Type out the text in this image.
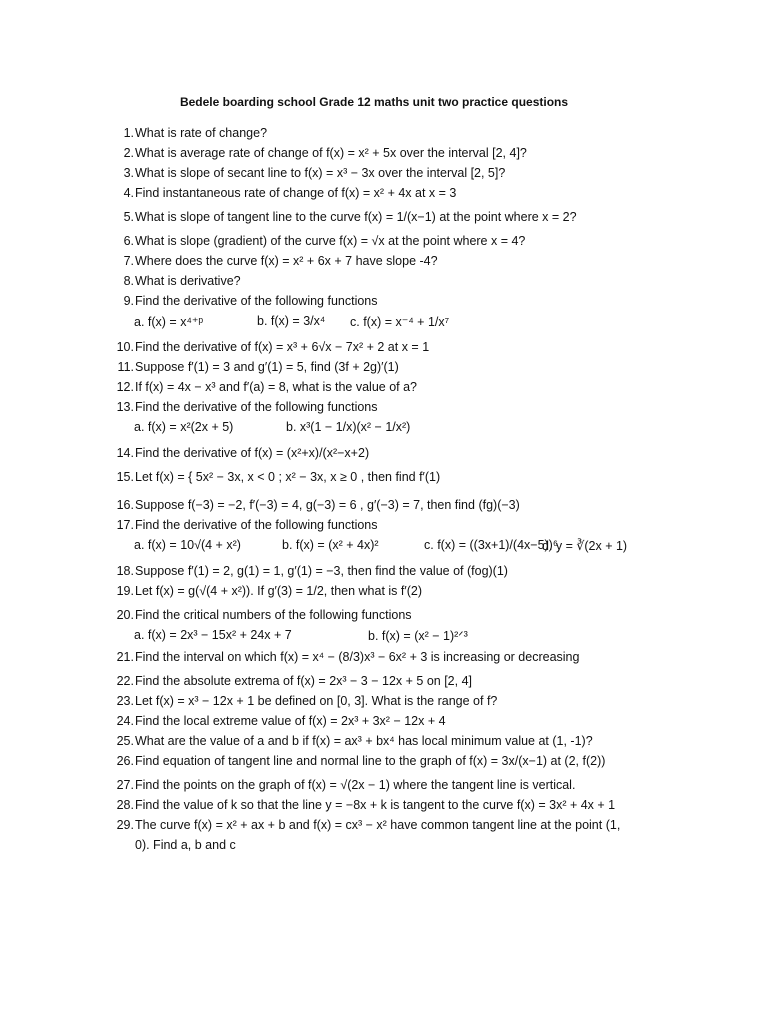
Bedele boarding school Grade 12 maths unit two practice questions
1. What is rate of change?
2. What is average rate of change of f(x) = x² + 5x over the interval [2, 4]?
3. What is slope of secant line to f(x) = x³ − 3x over the interval [2, 5]?
4. Find instantaneous rate of change of f(x) = x² + 4x at x = 3
5. What is slope of tangent line to the curve f(x) = 1/(x−1) at the point where x = 2?
6. What is slope (gradient) of the curve f(x) = √x at the point where x = 4?
7. Where does the curve f(x) = x² + 6x + 7 have slope -4?
8. What is derivative?
9. Find the derivative of the following functions
a. f(x) = x⁴⁺ᵖ	b. f(x) = 3/x⁴ c. f(x) = x⁻⁴ + 1/x⁷
10. Find the derivative of f(x) = x³ + 6√x − 7x² + 2 at x = 1
11. Suppose f′(1) = 3 and g′(1) = 5, find (3f + 2g)′(1)
12. If f(x) = 4x − x³ and f′(a) = 8, what is the value of a?
13. Find the derivative of the following functions
a. f(x) = x²(2x + 5)	b. x³(1 − 1/x)(x² − 1/x²)
14. Find the derivative of f(x) = (x²+x)/(x²−x+2)
15. Let f(x) = { 5x² − 3x, x < 0 ; x² − 3x, x ≥ 0 , then find f′(1)
16. Suppose f(−3) = −2, f′(−3) = 4, g(−3) = 6 , g′(−3) = 7, then find (fg)(−3)
17. Find the derivative of the following functions
a. f(x) = 10√(4 + x²)	b. f(x) = (x² + 4x)²	c. f(x) = ((3x+1)/(4x−5))⁶
d. y = ∛(2x + 1)
18. Suppose f′(1) = 2, g(1) = 1, g′(1) = −3, then find the value of (fog)(1)
19. Let f(x) = g(√(4 + x²)). If g′(3) = 1/2, then what is f′(2)
20. Find the critical numbers of the following functions
a. f(x) = 2x³ − 15x² + 24x + 7	b. f(x) = (x² − 1)²ᐟ³
21. Find the interval on which f(x) = x⁴ − (8/3)x³ − 6x² + 3 is increasing or decreasing
22. Find the absolute extrema of f(x) = 2x³ − 3 − 12x + 5 on [2, 4]
23. Let f(x) = x³ − 12x + 1 be defined on [0, 3]. What is the range of f?
24. Find the local extreme value of f(x) = 2x³ + 3x² − 12x + 4
25. What are the value of a and b if f(x) = ax³ + bx⁴ has local minimum value at (1, -1)?
26. Find equation of tangent line and normal line to the graph of f(x) = 3x/(x−1) at (2, f(2))
27. Find the points on the graph of f(x) = √(2x − 1) where the tangent line is vertical.
28. Find the value of k so that the line y = −8x + k is tangent to the curve f(x) = 3x² + 4x + 1
29. The curve f(x) = x² + ax + b and f(x) = cx³ − x² have common tangent line at the point (1,
0). Find a, b and c
